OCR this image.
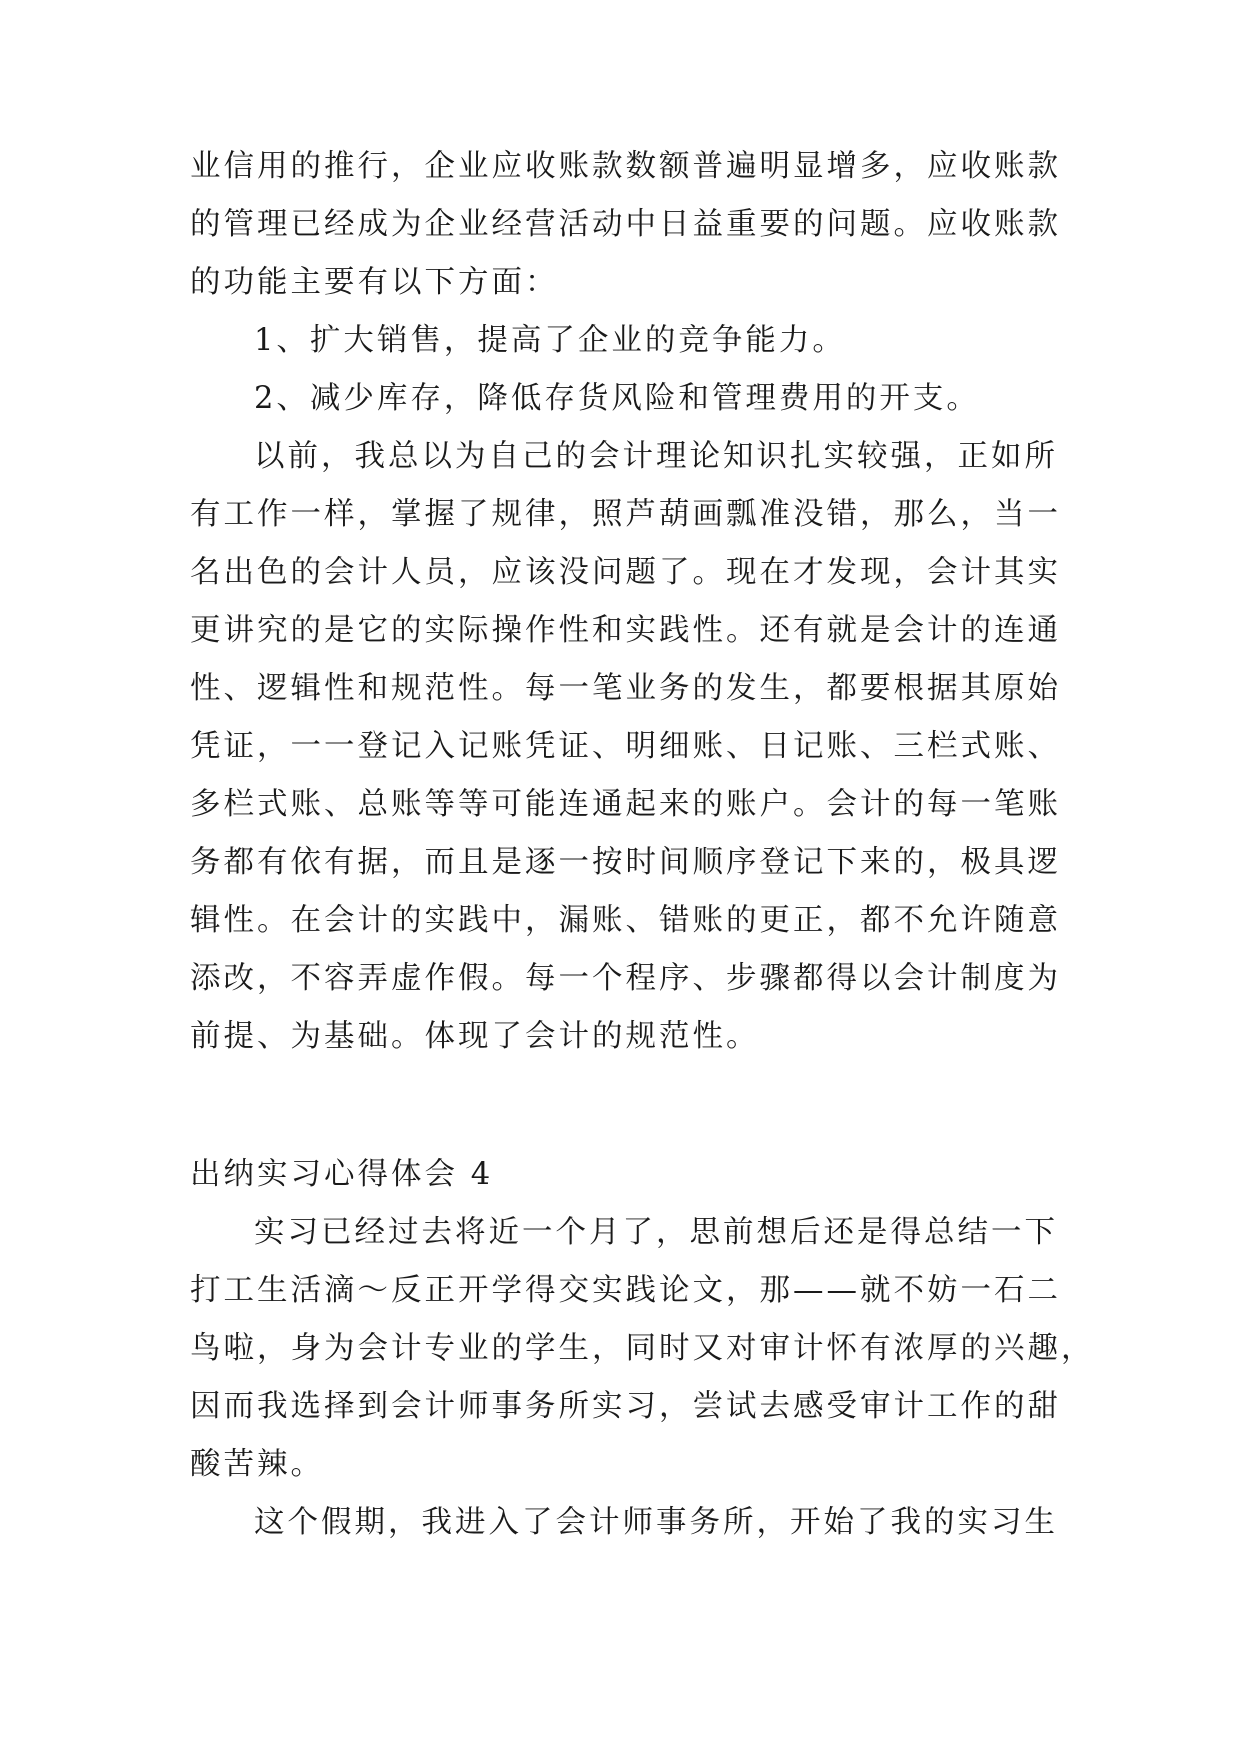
业信用的推行，企业应收账款数额普遍明显增多，应收账款
的管理已经成为企业经营活动中日益重要的问题。应收账款
的功能主要有以下方面：
1、扩大销售，提高了企业的竞争能力。
2、减少库存，降低存货风险和管理费用的开支。
以前，我总以为自己的会计理论知识扎实较强，正如所
有工作一样，掌握了规律，照芦葫画瓢准没错，那么，当一
名出色的会计人员，应该没问题了。现在才发现，会计其实
更讲究的是它的实际操作性和实践性。还有就是会计的连通
性、逻辑性和规范性。每一笔业务的发生，都要根据其原始
凭证，一一登记入记账凭证、明细账、日记账、三栏式账、
多栏式账、总账等等可能连通起来的账户。会计的每一笔账
务都有依有据，而且是逐一按时间顺序登记下来的，极具逻
辑性。在会计的实践中，漏账、错账的更正，都不允许随意
添改，不容弄虚作假。每一个程序、步骤都得以会计制度为
前提、为基础。体现了会计的规范性。
出纳实习心得体会 4
实习已经过去将近一个月了，思前想后还是得总结一下
打工生活滴～反正开学得交实践论文，那——就不妨一石二
鸟啦，身为会计专业的学生，同时又对审计怀有浓厚的兴趣，
因而我选择到会计师事务所实习，尝试去感受审计工作的甜
酸苦辣。
这个假期，我进入了会计师事务所，开始了我的实习生
